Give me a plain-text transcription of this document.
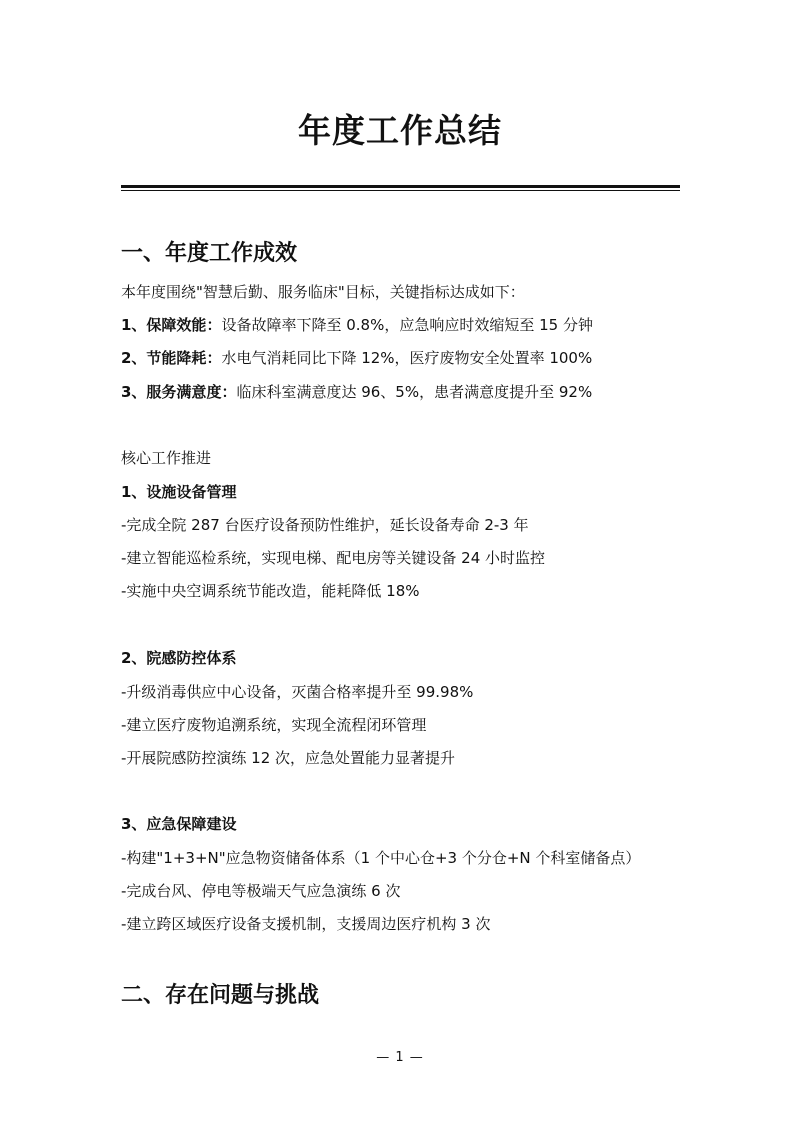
年度工作总结
一、年度工作成效
本年度围绕"智慧后勤、服务临床"目标，关键指标达成如下：
1、保障效能：设备故障率下降至 0.8%，应急响应时效缩短至 15 分钟
2、节能降耗：水电气消耗同比下降 12%，医疗废物安全处置率 100%
3、服务满意度：临床科室满意度达 96、5%，患者满意度提升至 92%
核心工作推进
1、设施设备管理
-完成全院 287 台医疗设备预防性维护，延长设备寿命 2-3 年
-建立智能巡检系统，实现电梯、配电房等关键设备 24 小时监控
-实施中央空调系统节能改造，能耗降低 18%
2、院感防控体系
-升级消毒供应中心设备，灭菌合格率提升至 99.98%
-建立医疗废物追溯系统，实现全流程闭环管理
-开展院感防控演练 12 次，应急处置能力显著提升
3、应急保障建设
-构建"1+3+N"应急物资储备体系（1 个中心仓+3 个分仓+N 个科室储备点）
-完成台风、停电等极端天气应急演练 6 次
-建立跨区域医疗设备支援机制，支援周边医疗机构 3 次
二、存在问题与挑战
— 1 —
